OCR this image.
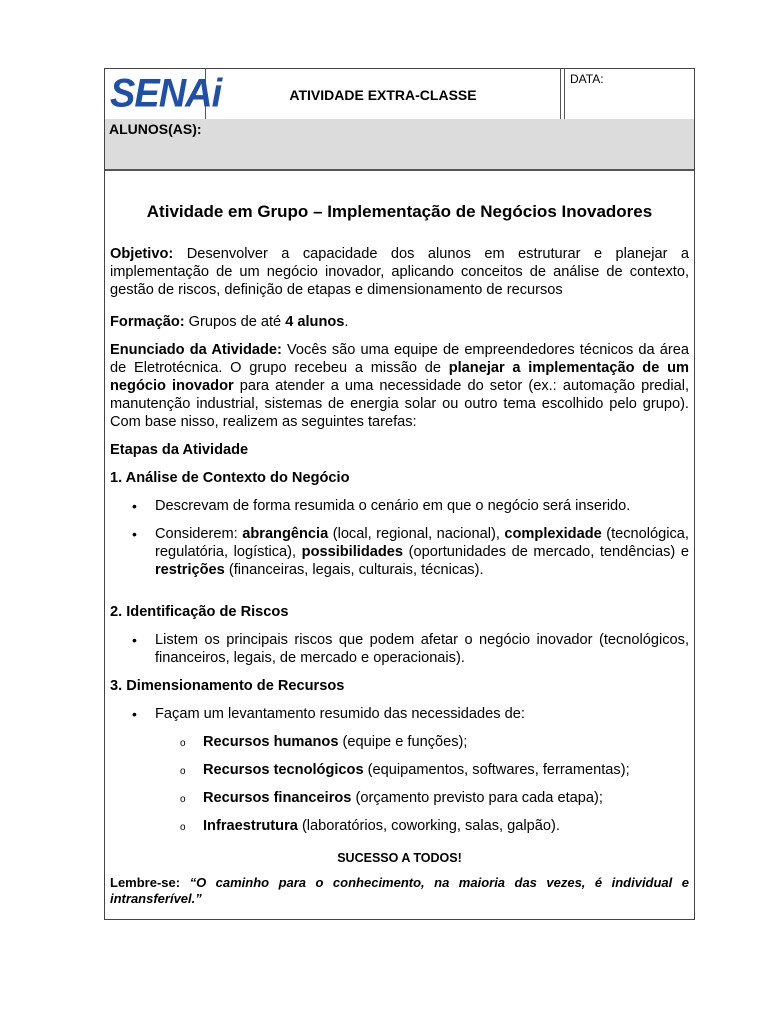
SENAi	ATIVIDADE EXTRA-CLASSE
DATA:
ALUNOS(AS):
Atividade em Grupo – Implementação de Negócios Inovadores

Objetivo: Desenvolver a capacidade dos alunos em estruturar e planejar a implementação de um negócio inovador, aplicando conceitos de análise de contexto, gestão de riscos, definição de etapas e dimensionamento de recursos

Formação: Grupos de até 4 alunos.

Enunciado da Atividade: Vocês são uma equipe de empreendedores técnicos da área de Eletrotécnica. O grupo recebeu a missão de planejar a implementação de um negócio inovador para atender a uma necessidade do setor (ex.: automação predial, manutenção industrial, sistemas de energia solar ou outro tema escolhido pelo grupo). Com base nisso, realizem as seguintes tarefas:

Etapas da Atividade

1. Análise de Contexto do Negócio

• Descrevam de forma resumida o cenário em que o negócio será inserido.
• Considerem: abrangência (local, regional, nacional), complexidade (tecnológica, regulatória, logística), possibilidades (oportunidades de mercado, tendências) e restrições (financeiras, legais, culturais, técnicas).

2. Identificação de Riscos

• Listem os principais riscos que podem afetar o negócio inovador (tecnológicos, financeiros, legais, de mercado e operacionais).

3. Dimensionamento de Recursos

• Façam um levantamento resumido das necessidades de:
o Recursos humanos (equipe e funções);
o Recursos tecnológicos (equipamentos, softwares, ferramentas);
o Recursos financeiros (orçamento previsto para cada etapa);
o Infraestrutura (laboratórios, coworking, salas, galpão).
SUCESSO A TODOS!
Lembre-se: “O caminho para o conhecimento, na maioria das vezes, é individual e intransferível.”
